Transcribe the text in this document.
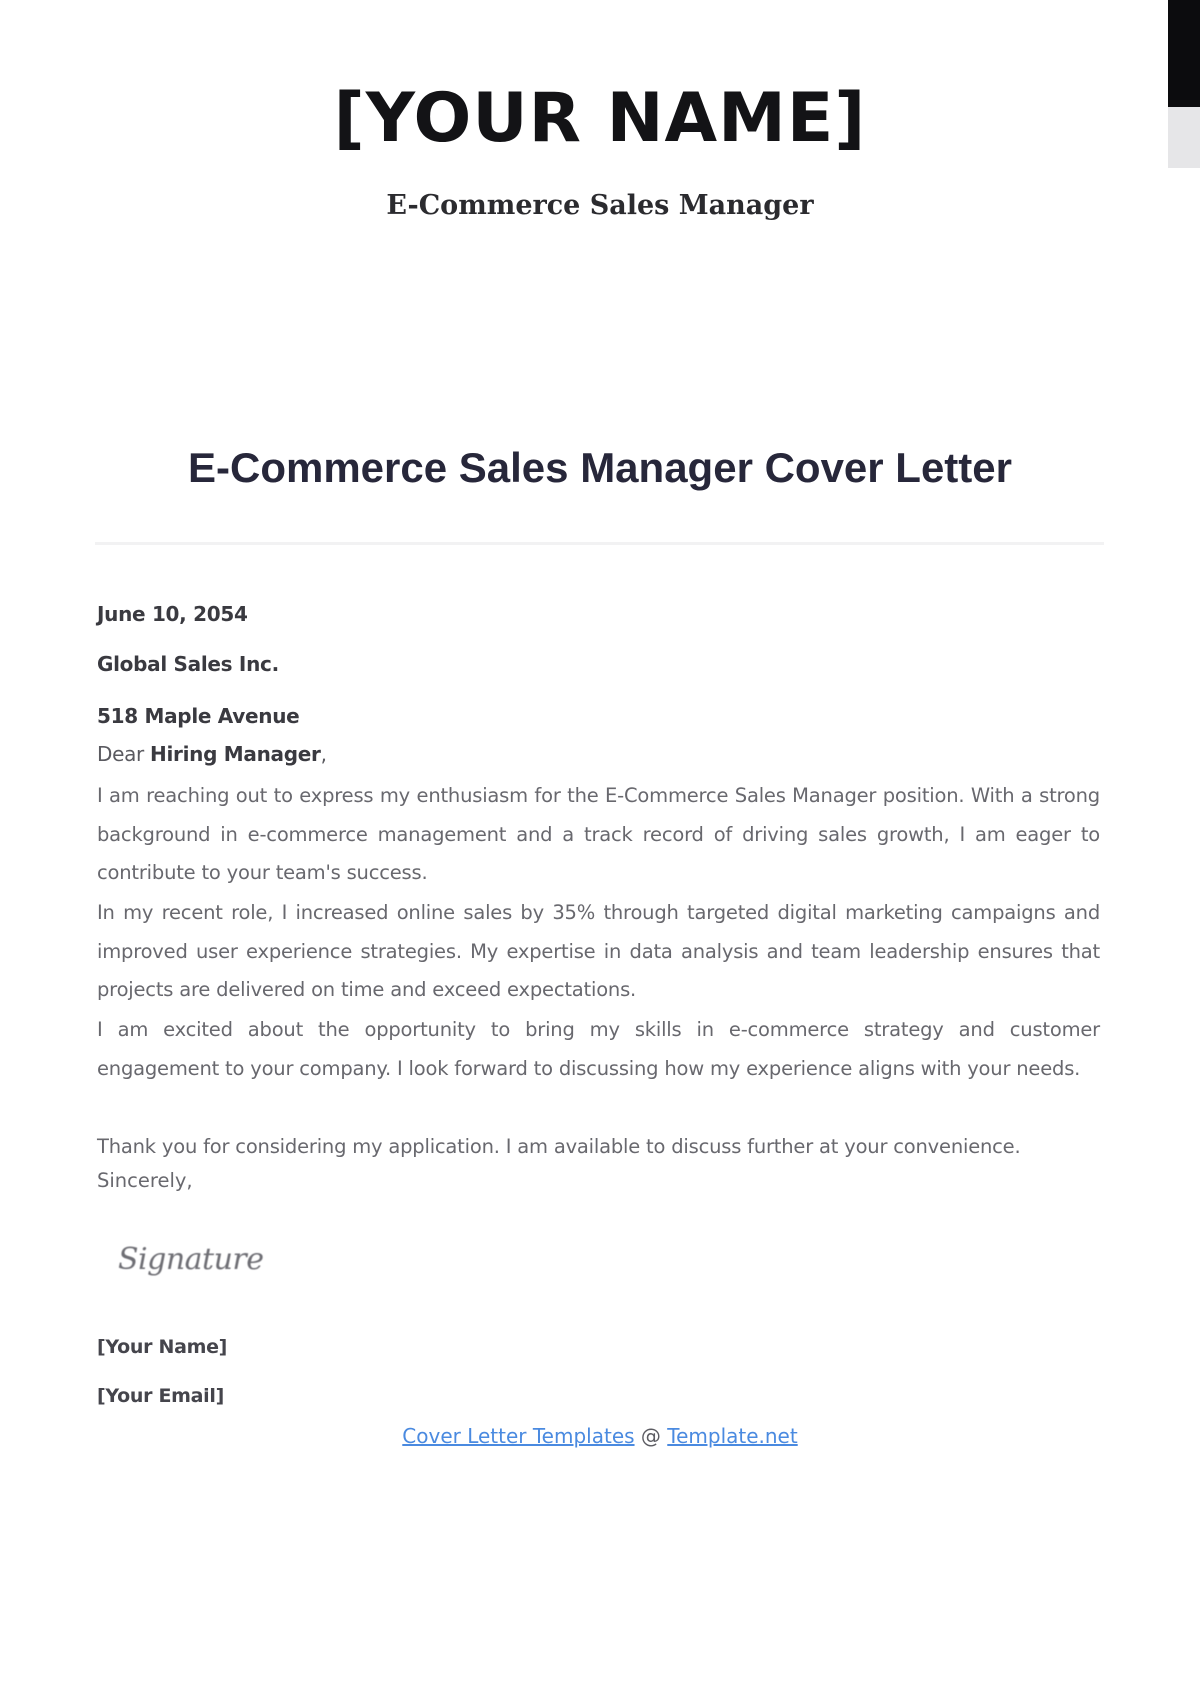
[YOUR NAME]
E-Commerce Sales Manager
E-Commerce Sales Manager Cover Letter
June 10, 2054
Global Sales Inc.
518 Maple Avenue
Dear Hiring Manager,
I am reaching out to express my enthusiasm for the E-Commerce Sales Manager position. With a strong background in e-commerce management and a track record of driving sales growth, I am eager to contribute to your team's success.
In my recent role, I increased online sales by 35% through targeted digital marketing campaigns and improved user experience strategies. My expertise in data analysis and team leadership ensures that projects are delivered on time and exceed expectations.
I am excited about the opportunity to bring my skills in e-commerce strategy and customer engagement to your company. I look forward to discussing how my experience aligns with your needs.
Thank you for considering my application. I am available to discuss further at your convenience.
Sincerely,
Signature
[Your Name]
[Your Email]
Cover Letter Templates @ Template.net
